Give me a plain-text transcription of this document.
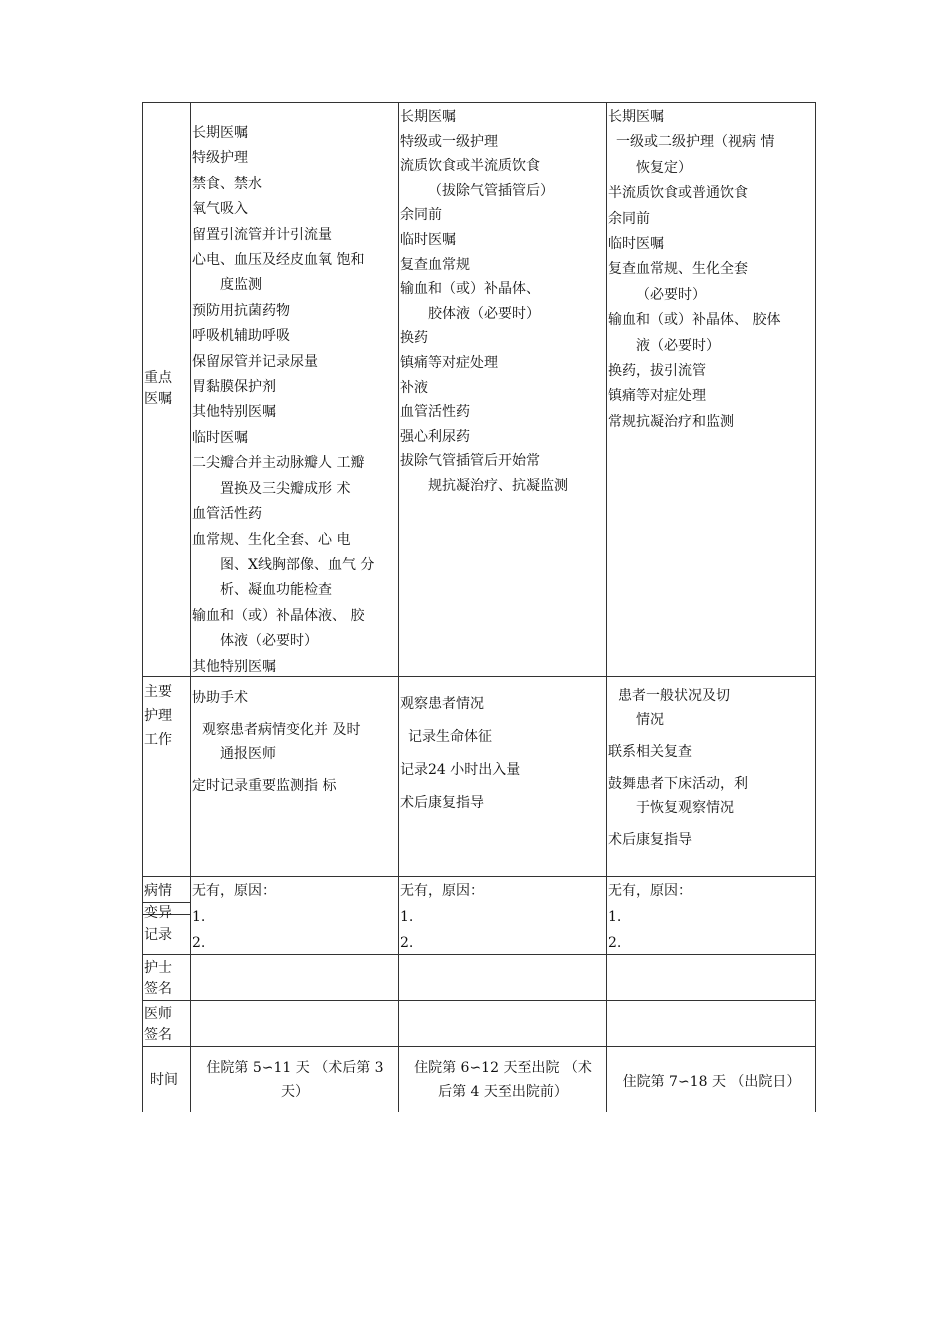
重点
医嘱
长期医嘱
特级护理
禁食、禁水
氧气吸入
留置引流管并计引流量
心电、血压及经皮血氧 饱和
度监测
预防用抗菌药物
呼吸机辅助呼吸
保留尿管并记录尿量
胃黏膜保护剂
其他特别医嘱
临时医嘱
二尖瓣合并主动脉瓣人 工瓣
置换及三尖瓣成形 术
血管活性药
血常规、生化全套、心 电
图、X线胸部像、血气 分
析、凝血功能检查
输血和（或）补晶体液、 胶
体液（必要时）
其他特别医嘱
长期医嘱
特级或一级护理
流质饮食或半流质饮食
（拔除气管插管后）
余同前
临时医嘱
复查血常规
输血和（或）补晶体、
胶体液（必要时）
换药
镇痛等对症处理
补液
血管活性药
强心利尿药
拔除气管插管后开始常
规抗凝治疗、抗凝监测
长期医嘱
一级或二级护理（视病 情
恢复定）
半流质饮食或普通饮食
余同前
临时医嘱
复查血常规、生化全套
（必要时）
输血和（或）补晶体、 胶体
液（必要时）
换药，拔引流管
镇痛等对症处理
常规抗凝治疗和监测
主要
护理
工作
协助手术
观察患者病情变化并 及时
通报医师
定时记录重要监测指 标
观察患者情况
记录生命体征
记录24 小时出入量
术后康复指导
患者一般状况及切
情况
联系相关复查
鼓舞患者下床活动，利
于恢复观察情况
术后康复指导
病情
变异
记录
无有，原因：
1.
2.
无有，原因：
1.
2.
无有，原因：
1.
2.
护士
签名
医师
签名
时间
住院第 5∽11 天 （术后第 3
天）
住院第 6∽12 天至出院 （术
后第 4 天至出院前）
住院第 7∽18 天 （出院日）
